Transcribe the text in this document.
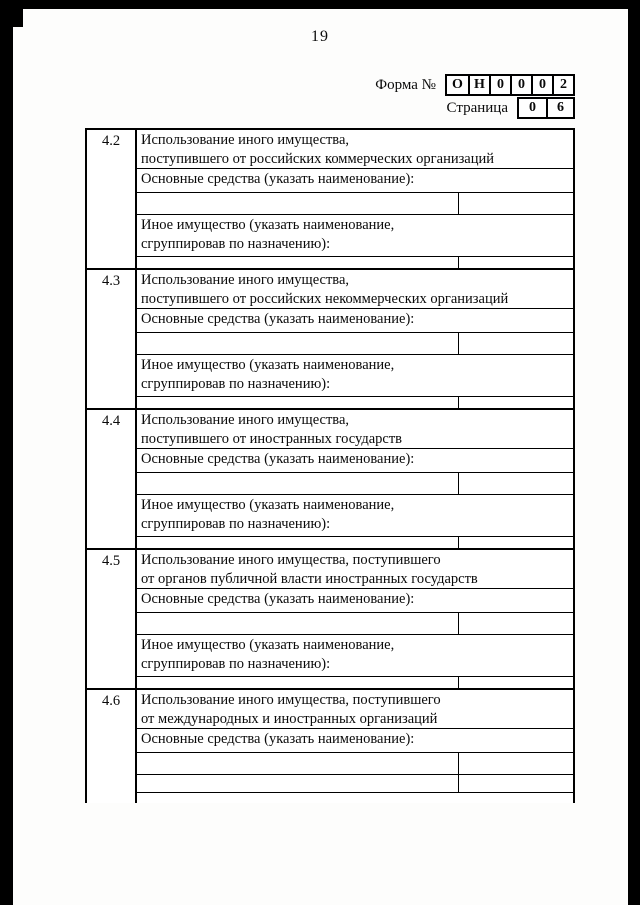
19
Форма №	О Н 0	0	0	2
Страница	0	6
4.2	Использование иного имущества,
поступившего от российских коммерческих организаций
Основные средства (указать наименование):
Иное имущество (указать наименование,
сгруппировав по назначению):
4.3	Использование иного имущества,
поступившего от российских некоммерческих организаций
Основные средства (указать наименование):
Иное имущество (указать наименование,
сгруппировав по назначению):
4.4	Использование иного имущества,
поступившего от иностранных государств
Основные средства (указать наименование):
Иное имущество (указать наименование,
сгруппировав по назначению):
4.5	Использование иного имущества, поступившего
от органов публичной власти иностранных государств
Основные средства (указать наименование):
Иное имущество (указать наименование,
сгруппировав по назначению):
4.6	Использование иного имущества, поступившего
от международных и иностранных организаций
Основные средства (указать наименование):
